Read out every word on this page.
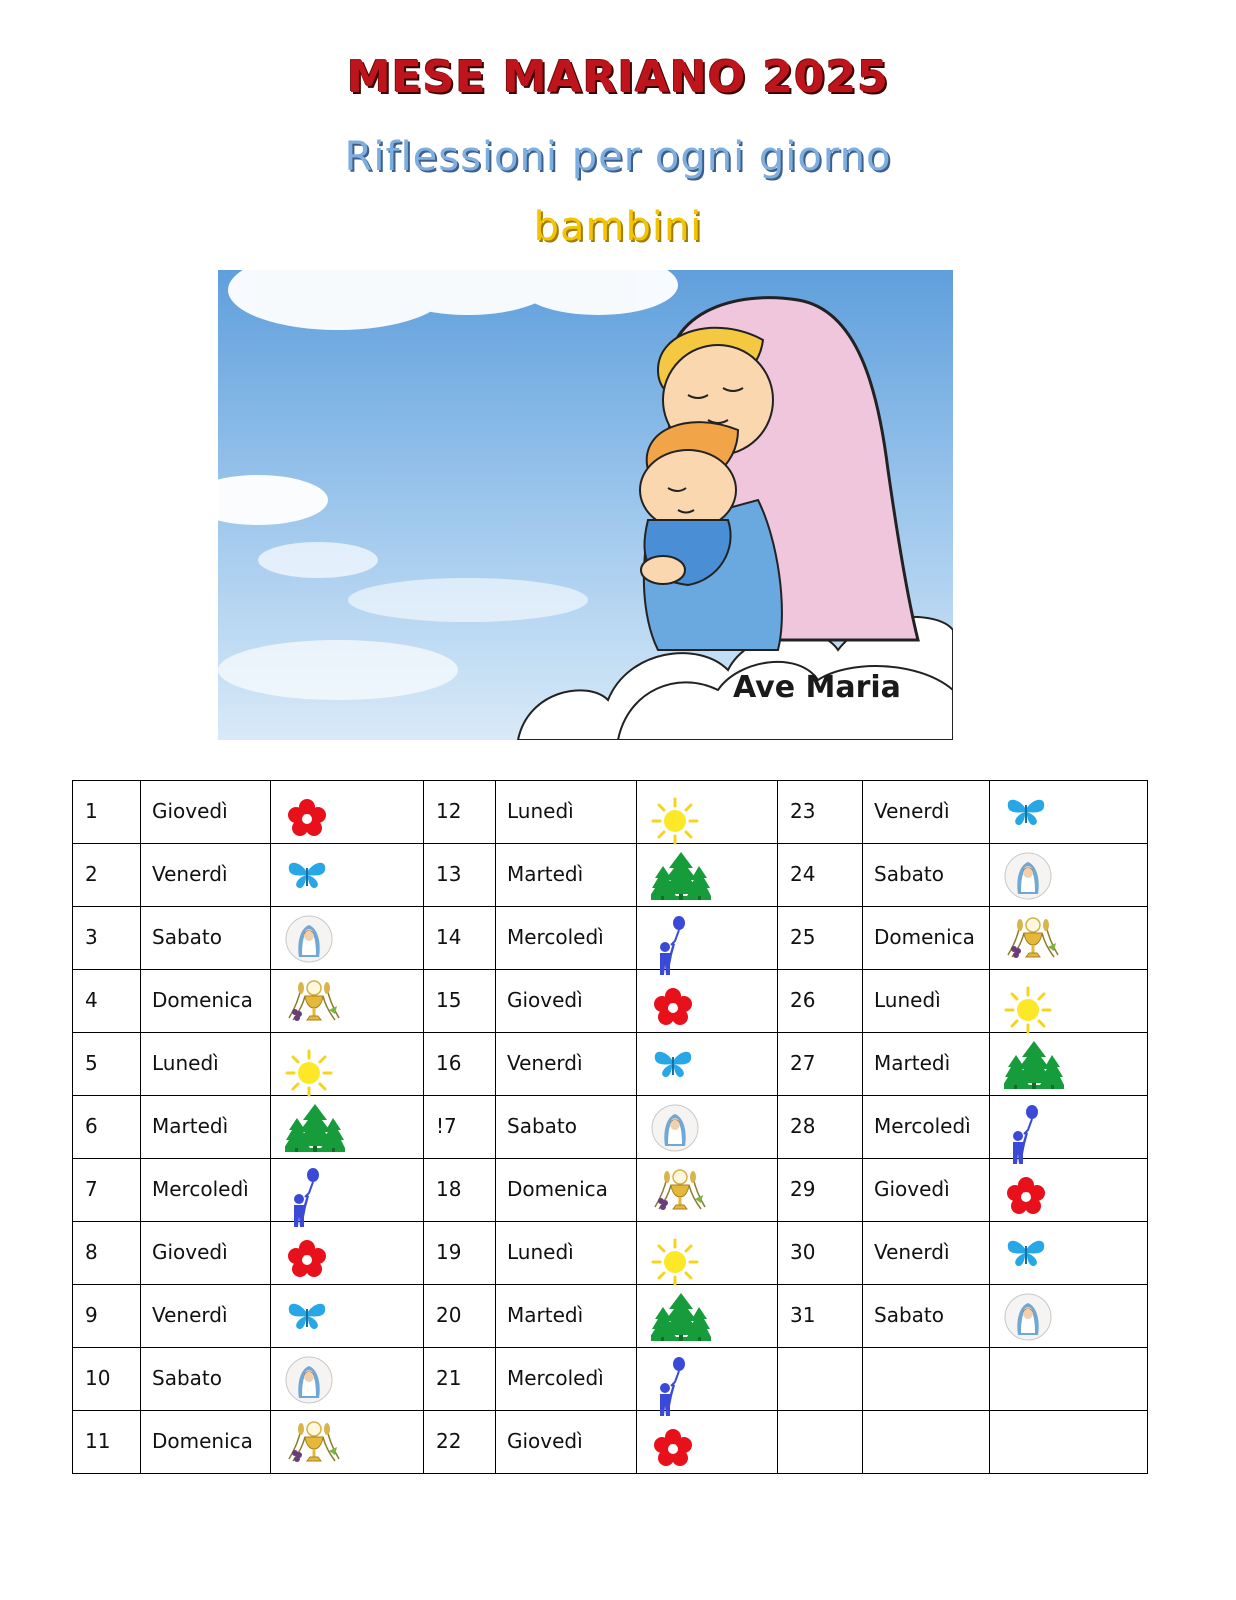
MESE MARIANO 2025
Riflessioni per ogni giorno
bambini
Ave Maria
1	Giovedì		12	Lunedì		23	Venerdì

2	Venerdì		13	Martedì		24	Sabato

3	Sabato		14	Mercoledì		25	Domenica

4	Domenica		15	Giovedì		26	Lunedì

5	Lunedì		16	Venerdì		27	Martedì

6	Martedì		!7	Sabato		28	Mercoledì

7	Mercoledì		18	Domenica		29	Giovedì

8	Giovedì		19	Lunedì		30	Venerdì

9	Venerdì		20	Martedì		31	Sabato

10	Sabato		21	Mercoledì

11	Domenica		22	Giovedì
